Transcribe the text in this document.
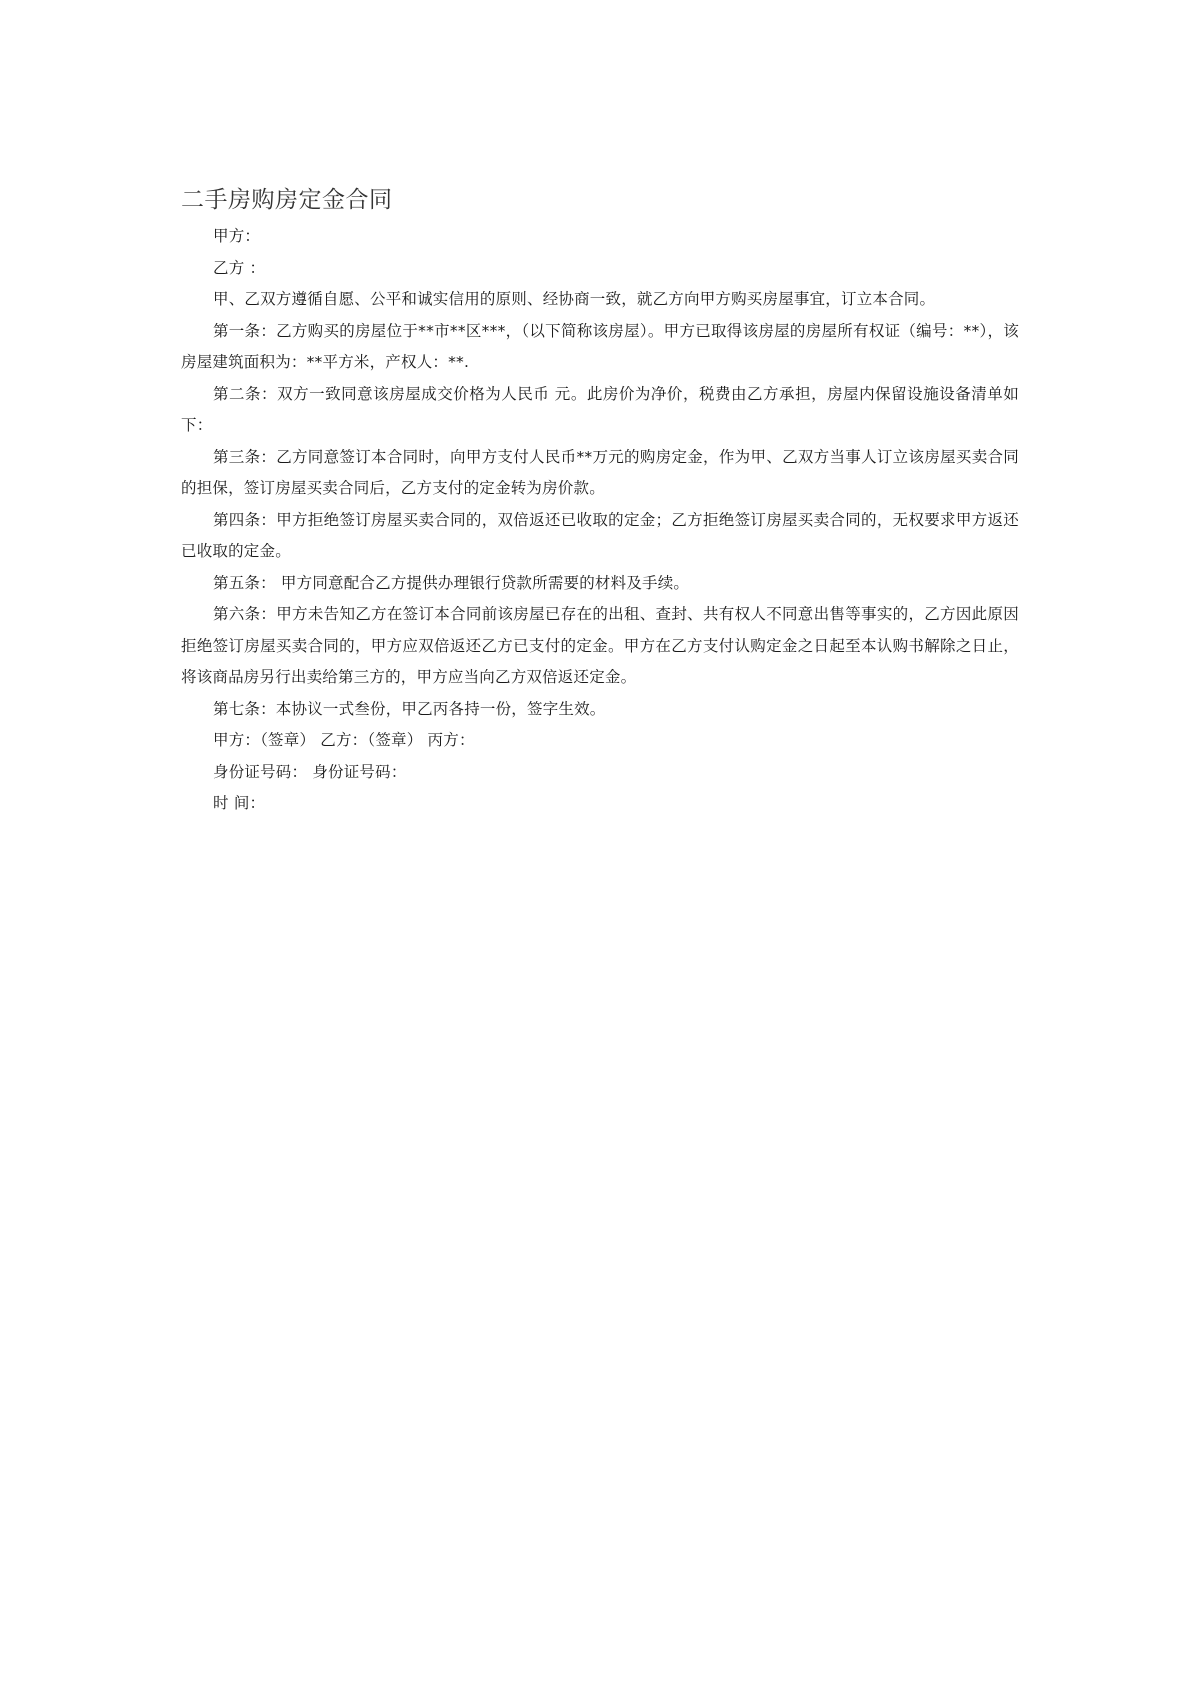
二手房购房定金合同

甲方：

乙方 ：

甲、乙双方遵循自愿、公平和诚实信用的原则、经协商一致，就乙方向甲方购买房屋事宜，订立本合同。

第一条：乙方购买的房屋位于**市**区***，（以下简称该房屋）。甲方已取得该房屋的房屋所有权证（编号：**），该房屋建筑面积为：**平方米，产权人：**.

第二条：双方一致同意该房屋成交价格为人民币 元。此房价为净价，税费由乙方承担，房屋内保留设施设备清单如下：

第三条：乙方同意签订本合同时，向甲方支付人民币**万元的购房定金，作为甲、乙双方当事人订立该房屋买卖合同的担保，签订房屋买卖合同后，乙方支付的定金转为房价款。

第四条：甲方拒绝签订房屋买卖合同的，双倍返还已收取的定金；乙方拒绝签订房屋买卖合同的，无权要求甲方返还已收取的定金。

第五条： 甲方同意配合乙方提供办理银行贷款所需要的材料及手续。

第六条：甲方未告知乙方在签订本合同前该房屋已存在的出租、查封、共有权人不同意出售等事实的，乙方因此原因拒绝签订房屋买卖合同的，甲方应双倍返还乙方已支付的定金。甲方在乙方支付认购定金之日起至本认购书解除之日止，将该商品房另行出卖给第三方的，甲方应当向乙方双倍返还定金。

第七条：本协议一式叁份，甲乙丙各持一份，签字生效。

甲方：（签章） 乙方：（签章） 丙方：

身份证号码： 身份证号码：

时 间：
